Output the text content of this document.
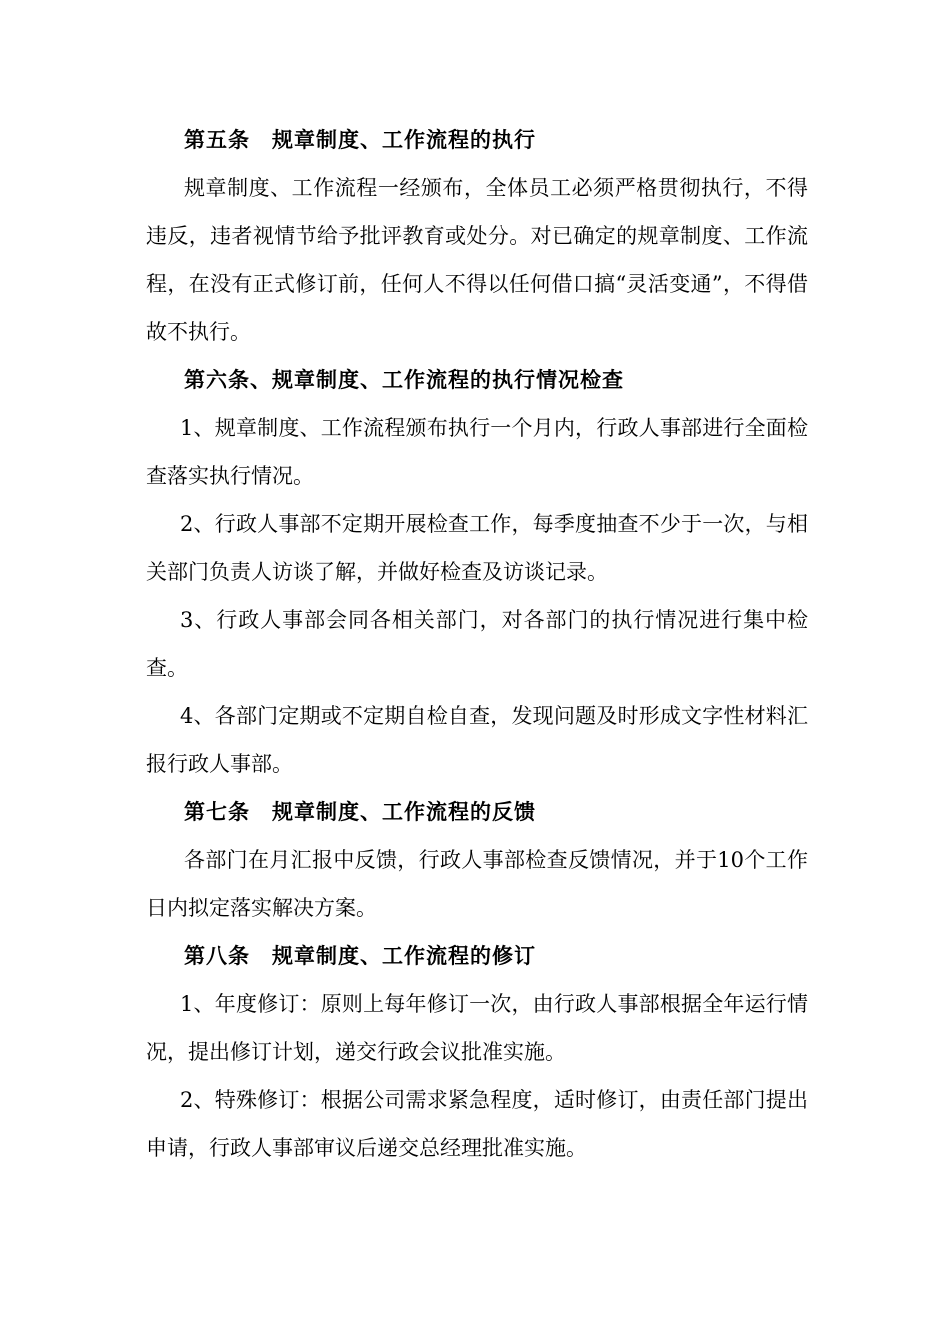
第五条　规章制度、工作流程的执行

规章制度、工作流程一经颁布，全体员工必须严格贯彻执行，不得违反，违者视情节给予批评教育或处分。对已确定的规章制度、工作流程，在没有正式修订前，任何人不得以任何借口搞“灵活变通”，不得借故不执行。

第六条、规章制度、工作流程的执行情况检查

1、规章制度、工作流程颁布执行一个月内，行政人事部进行全面检查落实执行情况。

2、行政人事部不定期开展检查工作，每季度抽查不少于一次，与相关部门负责人访谈了解，并做好检查及访谈记录。

3、行政人事部会同各相关部门，对各部门的执行情况进行集中检查。

4、各部门定期或不定期自检自查，发现问题及时形成文字性材料汇报行政人事部。

第七条　规章制度、工作流程的反馈

各部门在月汇报中反馈，行政人事部检查反馈情况，并于10个工作日内拟定落实解决方案。

第八条　规章制度、工作流程的修订

1、年度修订：原则上每年修订一次，由行政人事部根据全年运行情况，提出修订计划，递交行政会议批准实施。

2、特殊修订：根据公司需求紧急程度，适时修订，由责任部门提出申请，行政人事部审议后递交总经理批准实施。
